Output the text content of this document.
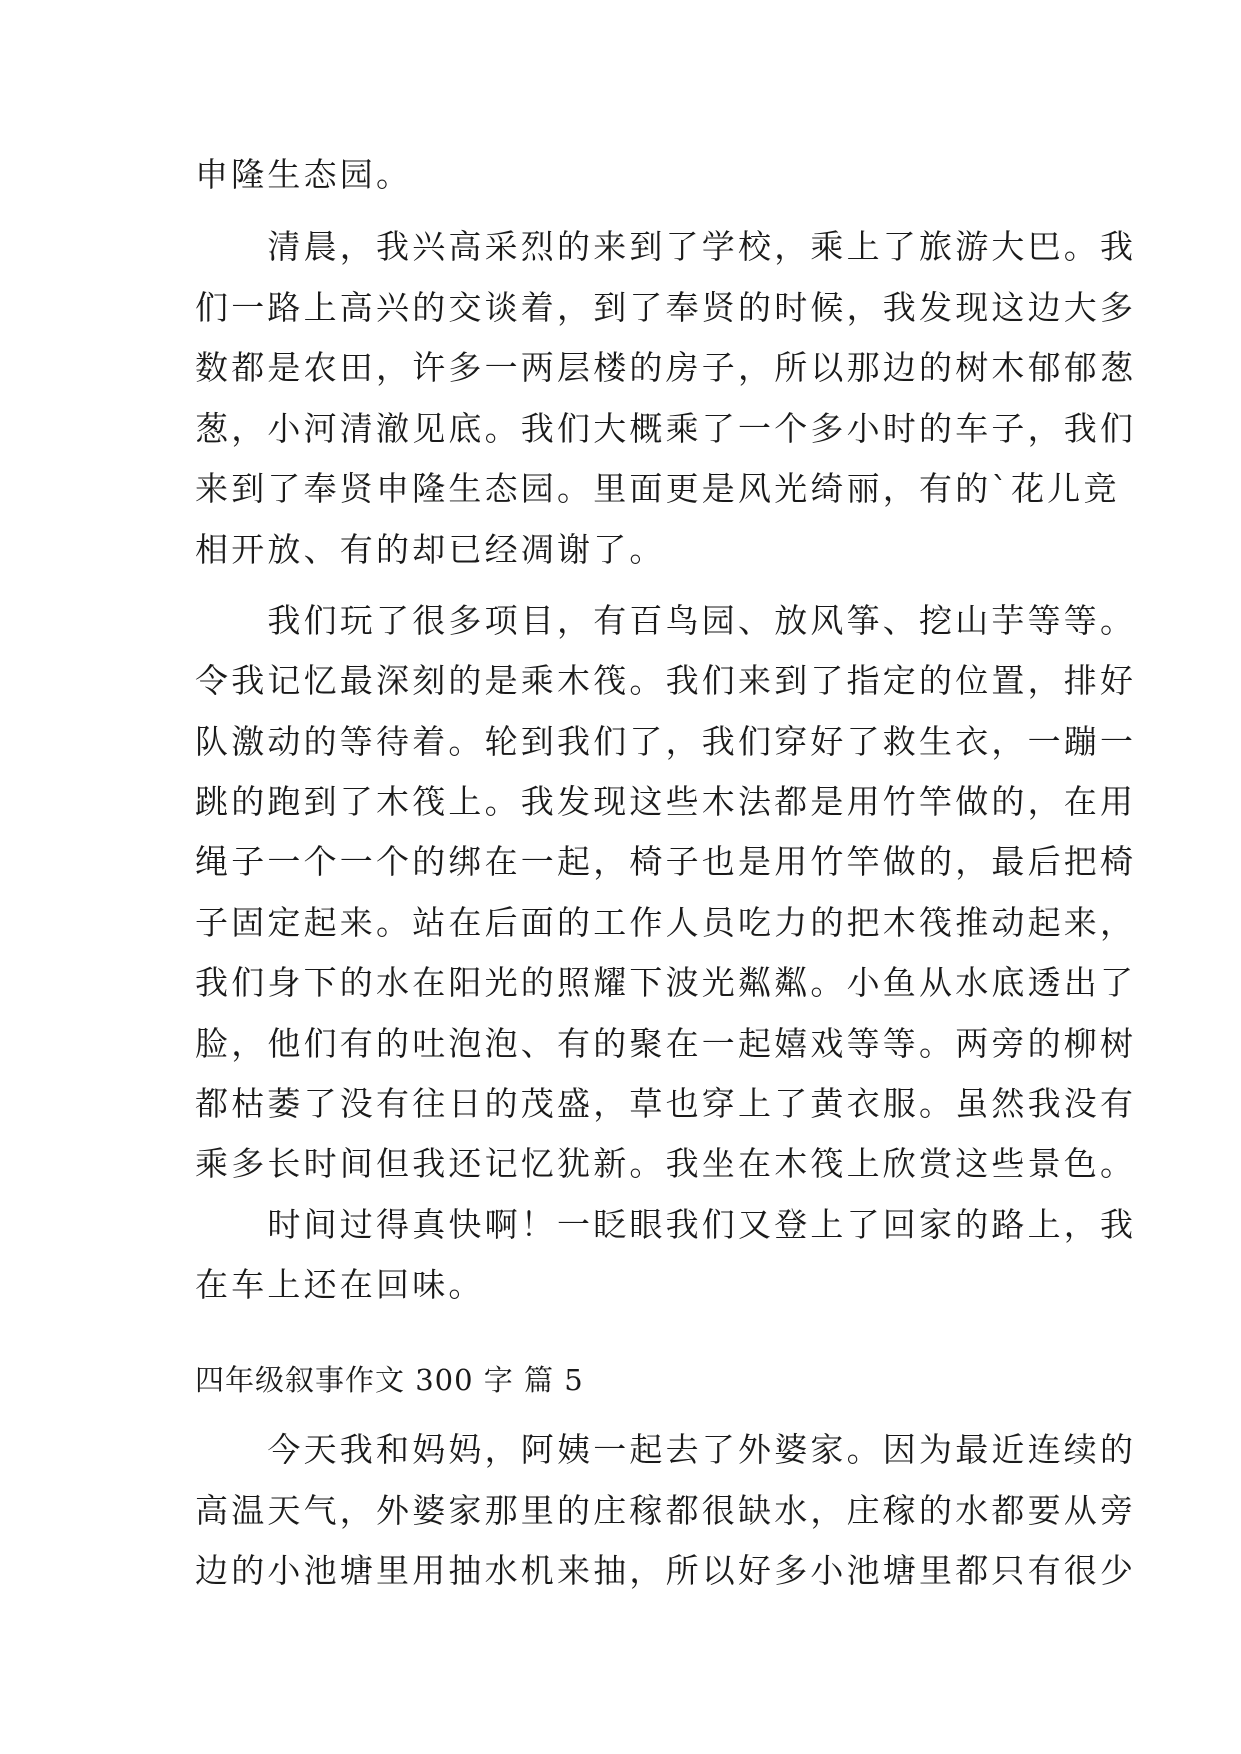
申隆生态园。
　　清晨，我兴高采烈的来到了学校，乘上了旅游大巴。我
们一路上高兴的交谈着，到了奉贤的时候，我发现这边大多
数都是农田，许多一两层楼的房子，所以那边的树木郁郁葱
葱，小河清澈见底。我们大概乘了一个多小时的车子，我们
来到了奉贤申隆生态园。里面更是风光绮丽，有的`花儿竞
相开放、有的却已经凋谢了。
　　我们玩了很多项目，有百鸟园、放风筝、挖山芋等等。
令我记忆最深刻的是乘木筏。我们来到了指定的位置，排好
队激动的等待着。轮到我们了，我们穿好了救生衣，一蹦一
跳的跑到了木筏上。我发现这些木法都是用竹竿做的，在用
绳子一个一个的绑在一起，椅子也是用竹竿做的，最后把椅
子固定起来。站在后面的工作人员吃力的把木筏推动起来，
我们身下的水在阳光的照耀下波光粼粼。小鱼从水底透出了
脸，他们有的吐泡泡、有的聚在一起嬉戏等等。两旁的柳树
都枯萎了没有往日的茂盛，草也穿上了黄衣服。虽然我没有
乘多长时间但我还记忆犹新。我坐在木筏上欣赏这些景色。
　　时间过得真快啊！一眨眼我们又登上了回家的路上，我
在车上还在回味。
四年级叙事作文 300 字 篇 5
　　今天我和妈妈，阿姨一起去了外婆家。因为最近连续的
高温天气，外婆家那里的庄稼都很缺水，庄稼的水都要从旁
边的小池塘里用抽水机来抽，所以好多小池塘里都只有很少
